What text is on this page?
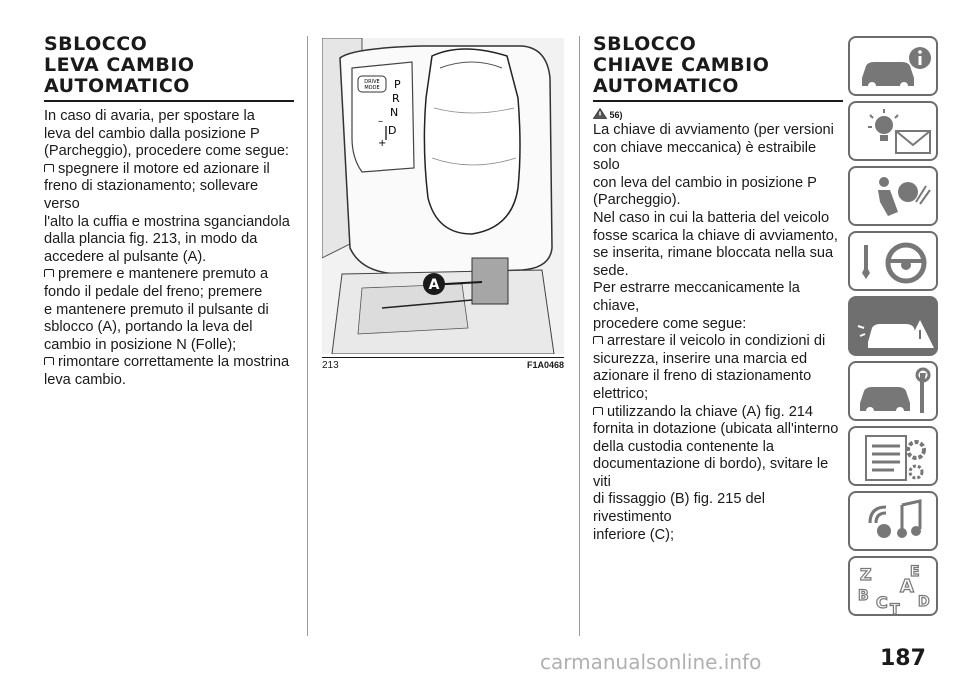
SBLOCCO
LEVA CAMBIO
AUTOMATICO
In caso di avaria, per spostare la
leva del cambio dalla posizione P
(Parcheggio), procedere come segue:
spegnere il motore ed azionare il
freno di stazionamento; sollevare verso
l'alto la cuffia e mostrina sganciandola
dalla plancia fig. 213, in modo da
accedere al pulsante (A).
premere e mantenere premuto a
fondo il pedale del freno; premere
e mantenere premuto il pulsante di
sblocco (A), portando la leva del
cambio in posizione N (Folle);
rimontare correttamente la mostrina
leva cambio.
DRIVE
MODE P
R
N
D
–
+
A
213	F1A0468
SBLOCCO
CHIAVE CAMBIO
AUTOMATICO
56)
La chiave di avviamento (per versioni
con chiave meccanica) è estraibile solo
con leva del cambio in posizione P
(Parcheggio).
Nel caso in cui la batteria del veicolo
fosse scarica la chiave di avviamento,
se inserita, rimane bloccata nella sua
sede.
Per estrarre meccanicamente la chiave,
procedere come segue:
arrestare il veicolo in condizioni di
sicurezza, inserire una marcia ed
azionare il freno di stazionamento
elettrico;
utilizzando la chiave (A) fig. 214
fornita in dotazione (ubicata all'interno
della custodia contenente la
documentazione di bordo), svitare le viti
di fissaggio (B) fig. 215 del rivestimento
inferiore (C);
Z	E
A
B C T D
carmanualsonline.info	187
